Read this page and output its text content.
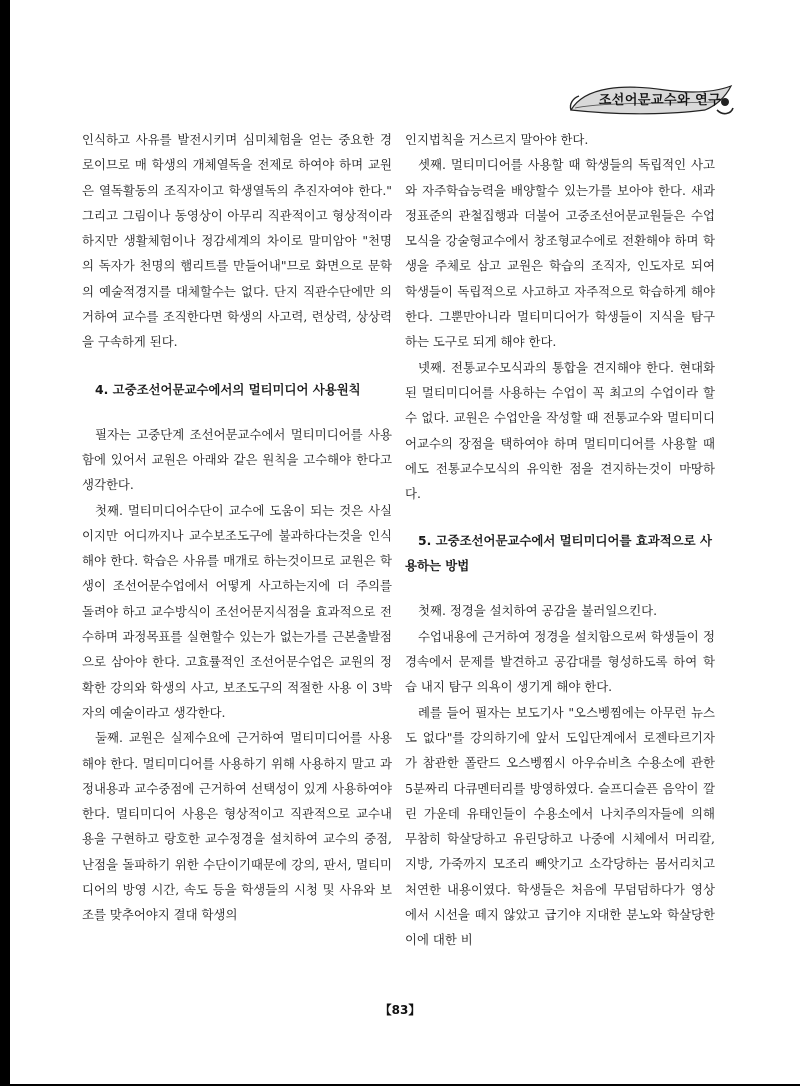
조선어문교수와 연구

인식하고 사유를 발전시키며 심미체험을 얻는 중요한 경로이므로 매 학생의 개체열독을 전제로 하여야 하며 교원은 열독활동의 조직자이고 학생열독의 추진자여야 한다." 그리고 그림이나 동영상이 아무리 직관적이고 형상적이라 하지만 생활체험이나 정감세계의 차이로 말미암아 "천명의 독자가 천명의 햄리트를 만들어내"므로 화면으로 문학의 예술적경지를 대체할수는 없다. 단지 직관수단에만 의거하여 교수를 조직한다면 학생의 사고력, 련상력, 상상력을 구속하게 된다.

4. 고중조선어문교수에서의 멀티미디어 사용원칙

필자는 고중단계 조선어문교수에서 멀티미디어를 사용함에 있어서 교원은 아래와 같은 원칙을 고수해야 한다고 생각한다.

첫째. 멀티미디어수단이 교수에 도움이 되는 것은 사실이지만 어디까지나 교수보조도구에 불과하다는것을 인식해야 한다. 학습은 사유를 매개로 하는것이므로 교원은 학생이 조선어문수업에서 어떻게 사고하는지에 더 주의를 돌려야 하고 교수방식이 조선어문지식점을 효과적으로 전수하며 과정목표를 실현할수 있는가 없는가를 근본출발점으로 삼아야 한다. 고효률적인 조선어문수업은 교원의 정확한 강의와 학생의 사고, 보조도구의 적절한 사용 이 3박자의 예술이라고 생각한다.

둘째. 교원은 실제수요에 근거하여 멀티미디어를 사용해야 한다. 멀티미디어를 사용하기 위해 사용하지 말고 과정내용과 교수중점에 근거하여 선택성이 있게 사용하여야 한다. 멀티미디어 사용은 형상적이고 직관적으로 교수내용을 구현하고 랑호한 교수정경을 설치하여 교수의 중점, 난점을 돌파하기 위한 수단이기때문에 강의, 판서, 멀티미디어의 방영 시간, 속도 등을 학생들의 시청 및 사유와 보조를 맞추어야지 결대 학생의

인지법칙을 거스르지 말아야 한다.

셋째. 멀티미디어를 사용할 때 학생들의 독립적인 사고와 자주학습능력을 배양할수 있는가를 보아야 한다. 새과정표준의 관철집행과 더불어 고중조선어문교원들은 수업모식을 강술형교수에서 창조형교수에로 전환해야 하며 학생을 주체로 삼고 교원은 학습의 조직자, 인도자로 되여 학생들이 독립적으로 사고하고 자주적으로 학습하게 해야 한다. 그뿐만아니라 멀티미디어가 학생들이 지식을 탐구하는 도구로 되게 해야 한다.

넷째. 전통교수모식과의 통합을 견지해야 한다. 현대화된 멀티미디어를 사용하는 수업이 꼭 최고의 수업이라 할수 없다. 교원은 수업안을 작성할 때 전통교수와 멀티미디어교수의 장점을 택하여야 하며 멀티미디어를 사용할 때에도 전통교수모식의 유익한 점을 견지하는것이 마땅하다.

5. 고중조선어문교수에서 멀티미디어를 효과적으로 사용하는 방법

첫째. 정경을 설치하여 공감을 불러일으킨다.

수업내용에 근거하여 정경을 설치함으로써 학생들이 정경속에서 문제를 발견하고 공감대를 형성하도록 하여 학습 내지 탐구 의욕이 생기게 해야 한다.

례를 들어 필자는 보도기사 "오스벵찜에는 아무런 뉴스도 없다"를 강의하기에 앞서 도입단계에서 로젠타르기자가 참관한 폴란드 오스벵찜시 아우슈비츠 수용소에 관한 5분짜리 다큐멘터리를 방영하였다. 슬프디슬픈 음악이 깔린 가운데 유태인들이 수용소에서 나치주의자들에 의해 무참히 학살당하고 유린당하고 나중에 시체에서 머리칼, 지방, 가죽까지 모조리 빼앗기고 소각당하는 몸서리치고 처연한 내용이였다. 학생들은 처음에 무덤덤하다가 영상에서 시선을 떼지 않았고 급기야 지대한 분노와 학살당한이에 대한 비

【83】
